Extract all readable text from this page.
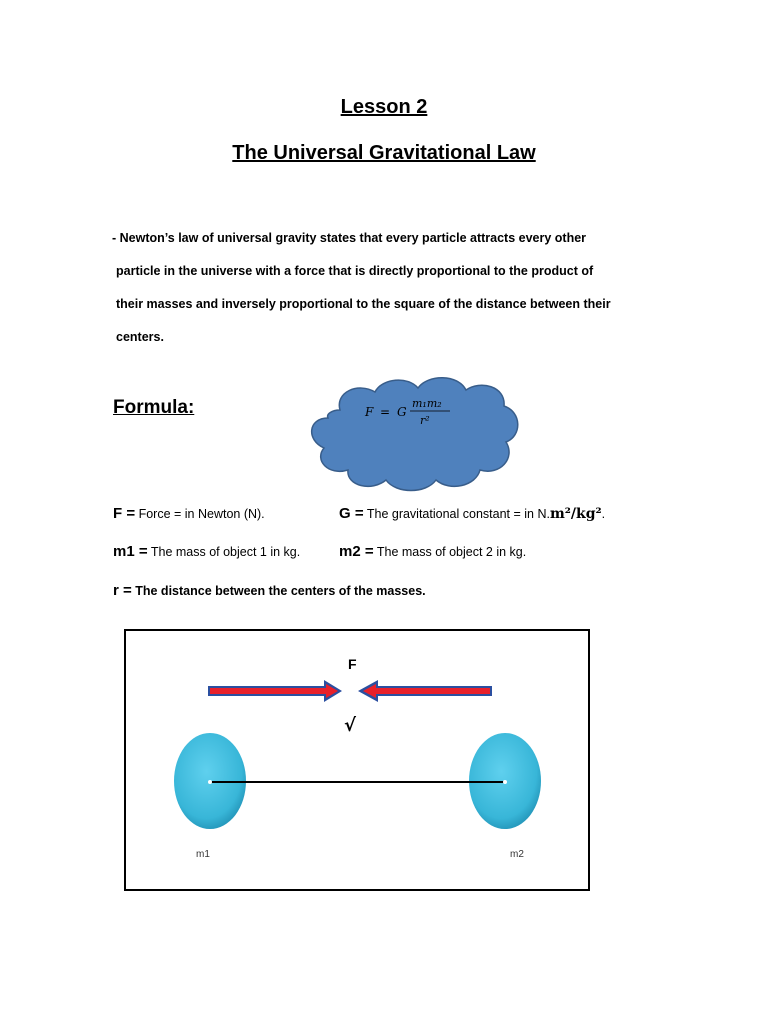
Lesson 2
The Universal Gravitational Law
- Newton’s law of universal gravity states that every particle attracts every other
particle in the universe with a force that is directly proportional to the product of
their masses and inversely proportional to the square of the distance between their
centers.
Formula:	F = G
m₁m₂
r²
F = Force = in Newton (N).	G = The gravitational constant = in N.m²/kg².
m1 = The mass of object 1 in kg.	m2 = The mass of object 2 in kg.
r = The distance between the centers of the masses.
F
√
m1	m2
